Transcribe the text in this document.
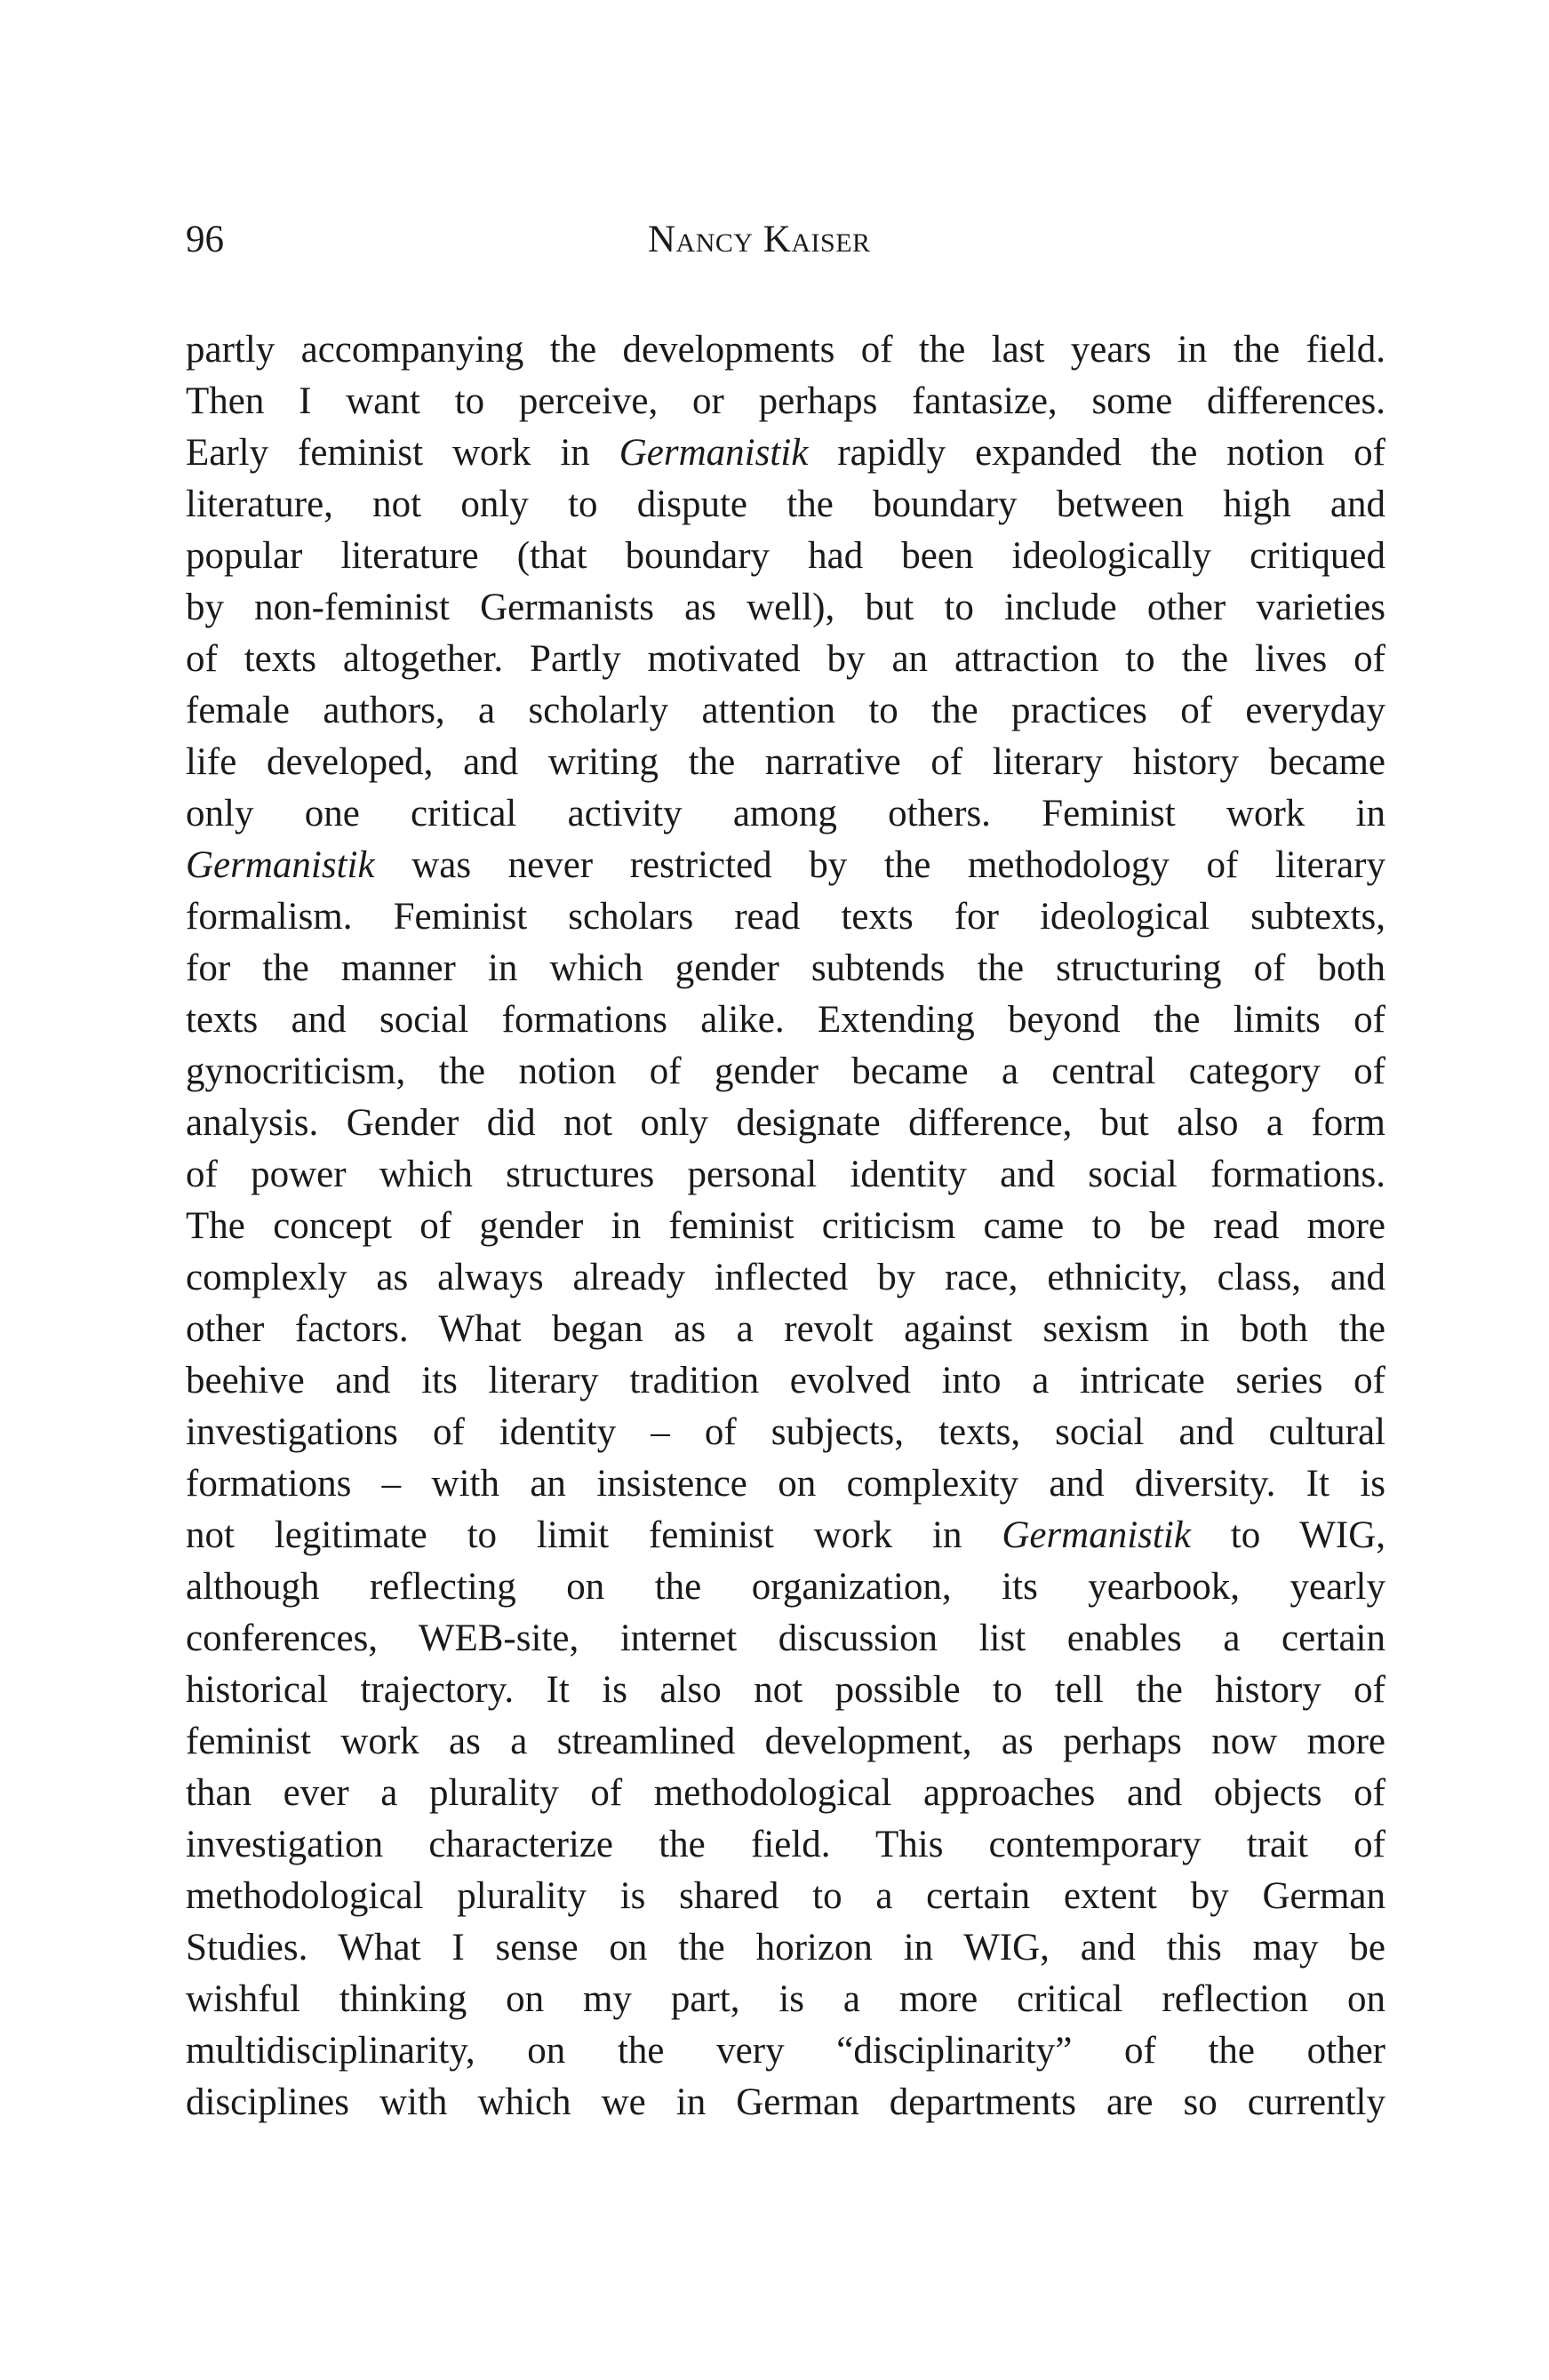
96	Nancy Kaiser
partly accompanying the developments of the last years in the field.
Then I want to perceive, or perhaps fantasize, some differences.
Early feminist work in Germanistik rapidly expanded the notion of
literature, not only to dispute the boundary between high and
popular literature (that boundary had been ideologically critiqued
by non-feminist Germanists as well), but to include other varieties
of texts altogether. Partly motivated by an attraction to the lives of
female authors, a scholarly attention to the practices of everyday
life developed, and writing the narrative of literary history became
only one critical activity among others. Feminist work in
Germanistik was never restricted by the methodology of literary
formalism. Feminist scholars read texts for ideological subtexts,
for the manner in which gender subtends the structuring of both
texts and social formations alike. Extending beyond the limits of
gynocriticism, the notion of gender became a central category of
analysis. Gender did not only designate difference, but also a form
of power which structures personal identity and social formations.
The concept of gender in feminist criticism came to be read more
complexly as always already inflected by race, ethnicity, class, and
other factors. What began as a revolt against sexism in both the
beehive and its literary tradition evolved into a intricate series of
investigations of identity – of subjects, texts, social and cultural
formations – with an insistence on complexity and diversity. It is
not legitimate to limit feminist work in Germanistik to WIG,
although reflecting on the organization, its yearbook, yearly
conferences, WEB-site, internet discussion list enables a certain
historical trajectory. It is also not possible to tell the history of
feminist work as a streamlined development, as perhaps now more
than ever a plurality of methodological approaches and objects of
investigation characterize the field. This contemporary trait of
methodological plurality is shared to a certain extent by German
Studies. What I sense on the horizon in WIG, and this may be
wishful thinking on my part, is a more critical reflection on
multidisciplinarity, on the very “disciplinarity” of the other
disciplines with which we in German departments are so currently
